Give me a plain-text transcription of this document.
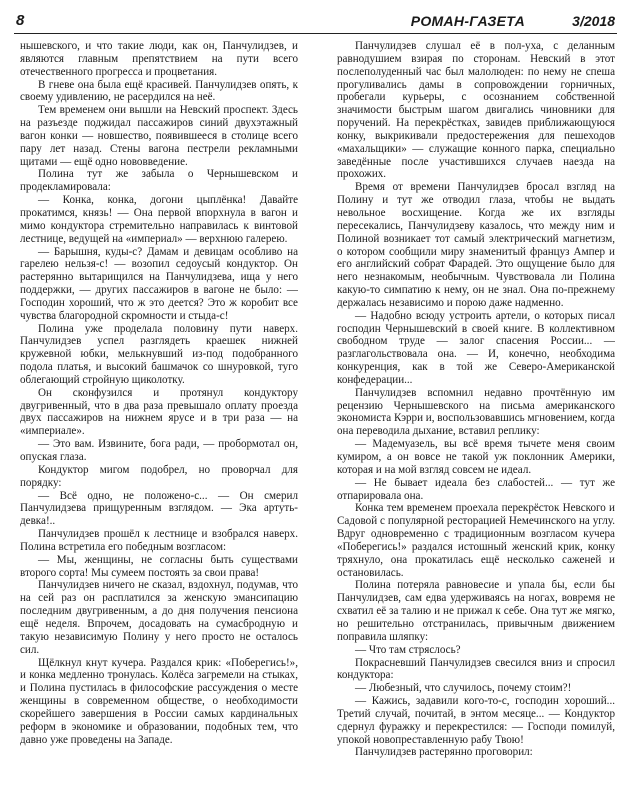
8	РОМАН-ГАЗЕТА	3/2018

нышевского, и что такие люди, как он, Панчулидзев, и являются главным препятствием на пути всего отечественного прогресса и процветания.

В гневе она была ещё красивей. Панчулидзев опять, к своему удивлению, не расердился на неё.

Тем временем они вышли на Невский проспект. Здесь на разъезде поджидал пассажиров синий двухэтажный вагон конки — новшество, появившееся в столице всего пару лет назад. Стены вагона пестрели рекламными щитами — ещё одно нововведение.

Полина тут же забыла о Чернышевском и продекламировала:

— Конка, конка, догони цыплёнка! Давайте прокатимся, князь! — Она первой впорхнула в вагон и мимо кондуктора стремительно направилась к винтовой лестнице, ведущей на «империал» — верхнюю галерею.

— Барышня, куды-с? Дамам и девицам особливо на гарелею нельзя-с! — возопил седоусый кондуктор. Он растерянно вытарищился на Панчулидзева, ища у него поддержки, — других пассажиров в вагоне не было: — Господин хороший, что ж это деется? Это ж коробит все чувства благородной скромности и стыда-с!

Полина уже проделала половину пути наверх. Панчулидзев успел разглядеть краешек нижней кружевной юбки, мелькнувший из-под подобранного подола платья, и высокий башмачок со шнуровкой, туго облегающий стройную щиколотку.

Он сконфузился и протянул кондуктору двугривенный, что в два раза превышало оплату проезда двух пассажиров на нижнем ярусе и в три раза — на «империале».

— Это вам. Извините, бога ради, — пробормотал он, опуская глаза.

Кондуктор мигом подобрел, но проворчал для порядку:

— Всё одно, не положено-с... — Он смерил Панчулидзева прищуренным взглядом. — Эка артуть-девка!..

Панчулидзев прошёл к лестнице и взобрался наверх. Полина встретила его победным возгласом:

— Мы, женщины, не согласны быть существами второго сорта! Мы сумеем постоять за свои права!

Панчулидзев ничего не сказал, вздохнул, подумав, что на сей раз он расплатился за женскую эмансипацию последним двугривенным, а до дня получения пенсиона ещё неделя. Впрочем, досадовать на сумасбродную и такую независимую Полину у него просто не осталось сил.

Щёлкнул кнут кучера. Раздался крик: «Поберегись!», и конка медленно тронулась. Колёса загремели на стыках, и Полина пустилась в философские рассуждения о месте женщины в современном обществе, о необходимости скорейшего завершения в России самых кардинальных реформ в экономике и образовании, подобных тем, что давно уже проведены на Западе.

Панчулидзев слушал её в пол-уха, с деланным равнодушием взирая по сторонам. Невский в этот послеполуденный час был малолюден: по нему не спеша прогуливались дамы в сопровождении горничных, пробегали курьеры, с осознанием собственной значимости быстрым шагом двигались чиновники для поручений. На перекрёстках, завидев приближающуюся конку, выкрикивали предостережения для пешеходов «махальщики» — служащие конного парка, специально заведённые после участившихся случаев наезда на прохожих.

Время от времени Панчулидзев бросал взгляд на Полину и тут же отводил глаза, чтобы не выдать невольное восхищение. Когда же их взгляды пересекались, Панчулидзеву казалось, что между ним и Полиной возникает тот самый электрический магнетизм, о котором сообщили миру знаменитый француз Ампер и его английский собрат Фарадей. Это ощущение было для него незнакомым, необычным. Чувствовала ли Полина какую-то симпатию к нему, он не знал. Она по-прежнему держалась независимо и порою даже надменно.

— Надобно всюду устроить артели, о которых писал господин Чернышевский в своей книге. В коллективном свободном труде — залог спасения России... — разглагольствовала она. — И, конечно, необходима конкуренция, как в той же Северо-Американской конфедерации...

Панчулидзев вспомнил недавно прочтённую им рецензию Чернышевского на письма американского экономиста Кэрри и, воспользовавшись мгновением, когда она переводила дыхание, вставил реплику:

— Мадемуазель, вы всё время тычете меня своим кумиром, а он вовсе не такой уж поклонник Америки, которая и на мой взгляд совсем не идеал.

— Не бывает идеала без слабостей... — тут же отпарировала она.

Конка тем временем проехала перекрёсток Невского и Садовой с популярной ресторацией Немечинского на углу. Вдруг одновременно с традиционным возгласом кучера «Поберегись!» раздался истошный женский крик, конку тряхнуло, она прокатилась ещё несколько саженей и остановилась.

Полина потеряла равновесие и упала бы, если бы Панчулидзев, сам едва удерживаясь на ногах, вовремя не схватил её за талию и не прижал к себе. Она тут же мягко, но решительно отстранилась, привычным движением поправила шляпку:

— Что там стряслось?

Покрасневший Панчулидзев свесился вниз и спросил кондуктора:

— Любезный, что случилось, почему стоим?!

— Кажись, задавили кого-то-с, господин хороший... Третий случай, почитай, в энтом месяце... — Кондуктор сдернул фуражку и перекрестился: — Господи помилуй, упокой новопреставленную рабу Твою!

Панчулидзев растерянно проговорил:
